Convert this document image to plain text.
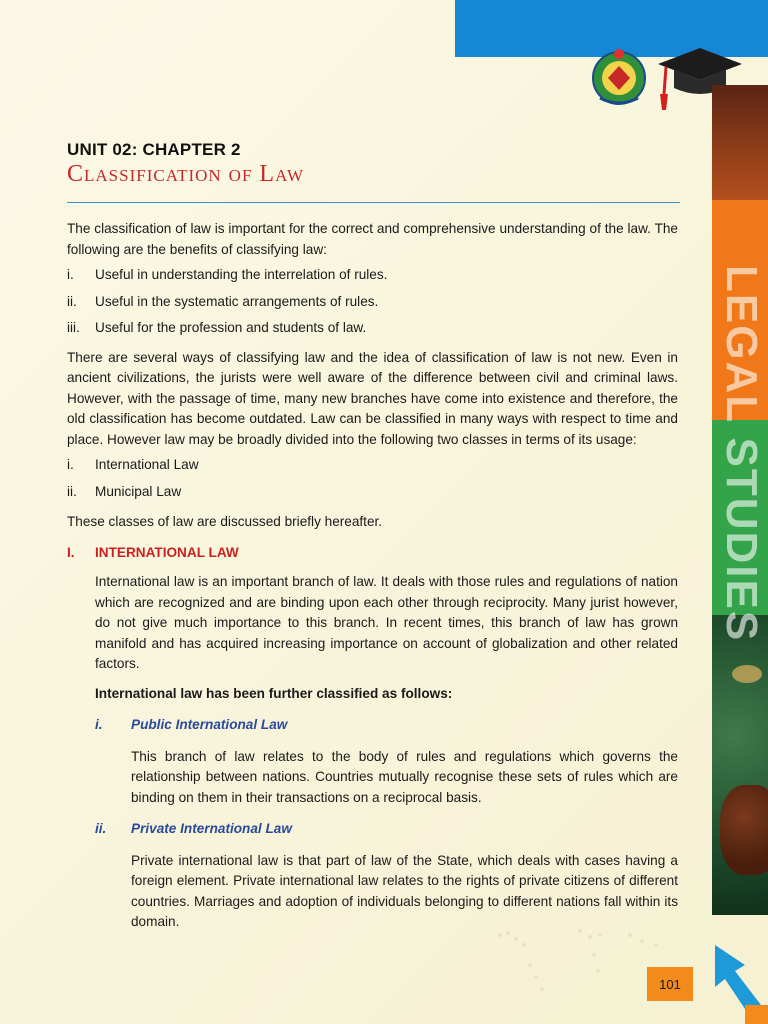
LEGAL STUDIES
101
UNIT 02: CHAPTER 2
Classification of Law

The classification of law is important for the correct and comprehensive understanding of the law. The following are the benefits of classifying law:

i.	Useful in understanding the interrelation of rules.
ii.	Useful in the systematic arrangements of rules.
iii.	Useful for the profession and students of law.

There are several ways of classifying law and the idea of classification of law is not new. Even in ancient civilizations, the jurists were well aware of the difference between civil and criminal laws. However, with the passage of time, many new branches have come into existence and therefore, the old classification has become outdated. Law can be classified in many ways with respect to time and place. However law may be broadly divided into the following two classes in terms of its usage:

i.	International Law
ii.	Municipal Law

These classes of law are discussed briefly hereafter.

I.	INTERNATIONAL LAW

International law is an important branch of law. It deals with those rules and regulations of nation which are recognized and are binding upon each other through reciprocity. Many jurist however, do not give much importance to this branch. In recent times, this branch of law has grown manifold and has acquired increasing importance on account of globalization and other related factors.

International law has been further classified as follows:

i.	Public International Law

This branch of law relates to the body of rules and regulations which governs the relationship between nations. Countries mutually recognise these sets of rules which are binding on them in their transactions on a reciprocal basis.

ii.	Private International Law

Private international law is that part of law of the State, which deals with cases having a foreign element. Private international law relates to the rights of private citizens of different countries. Marriages and adoption of individuals belonging to different nations fall within its domain.
